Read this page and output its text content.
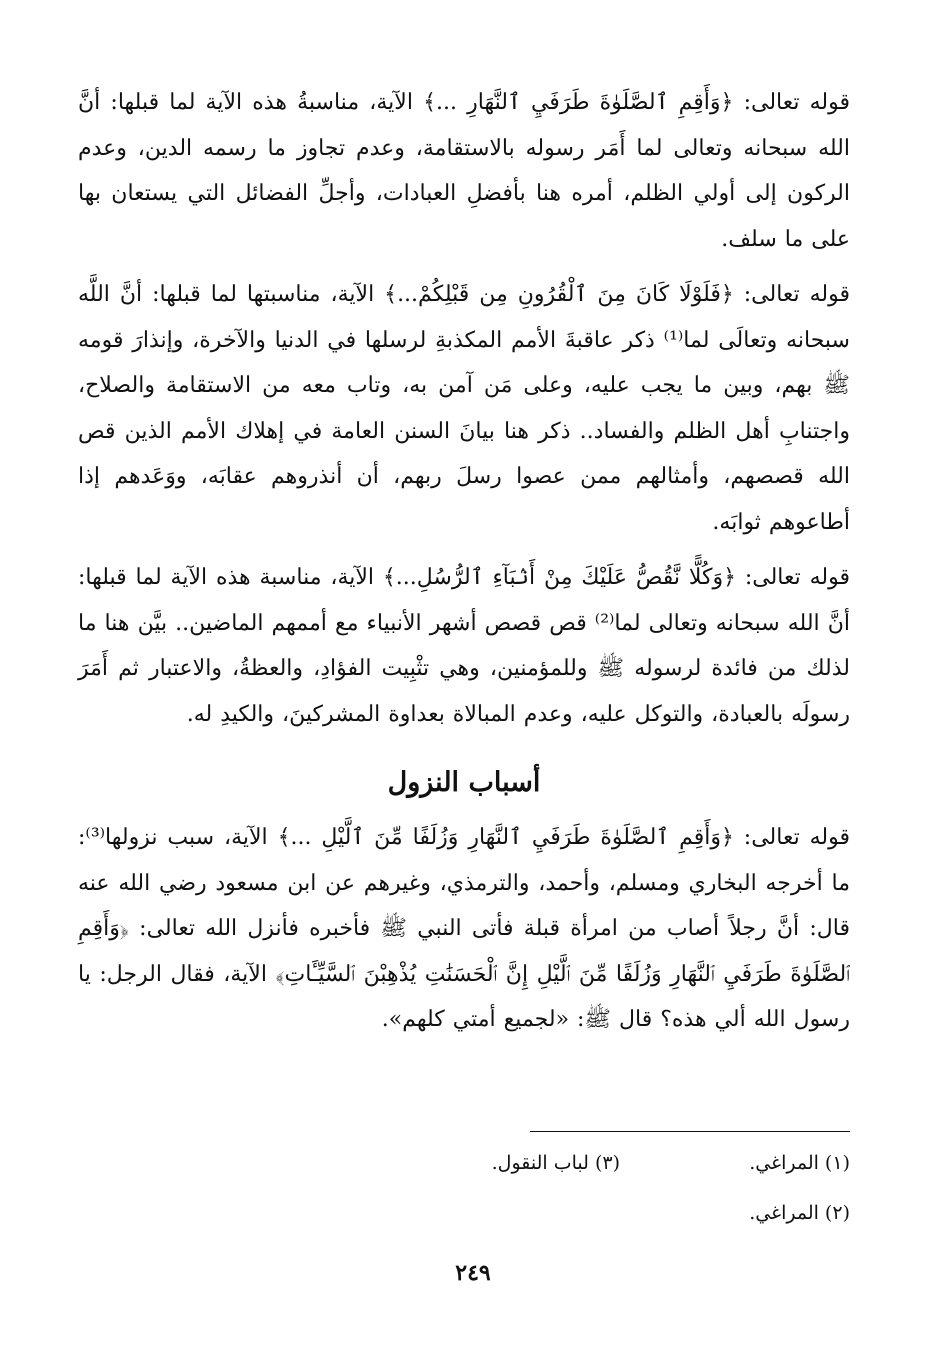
قوله تعالى: ﴿وَأَقِمِ ٱلصَّلَوٰةَ طَرَفَيِ ٱلنَّهَارِ ...﴾ الآية، مناسبةُ هذه الآية لما قبلها: أنَّ الله سبحانه وتعالى لما أَمَر رسوله بالاستقامة، وعدم تجاوز ما رسمه الدين، وعدم الركون إلى أولي الظلم، أمره هنا بأفضلِ العبادات، وأجلِّ الفضائل التي يستعان بها على ما سلف.

قوله تعالى: ﴿فَلَوْلَا كَانَ مِنَ ٱلْقُرُونِ مِن قَبْلِكُمْ...﴾ الآية، مناسبتها لما قبلها: أنَّ اللَّه سبحانه وتعالَى لما⁽¹⁾ ذكر عاقبةَ الأمم المكذبةِ لرسلها في الدنيا والآخرة، وإنذارَ قومه ﷺ بهم، وبين ما يجب عليه، وعلى مَن آمن به، وتاب معه من الاستقامة والصلاح، واجتنابِ أهل الظلم والفساد.. ذكر هنا بيانَ السنن العامة في إهلاك الأمم الذين قص الله قصصهم، وأمثالهم ممن عصوا رسلَ ربهم، أن أنذروهم عقابَه، ووَعَدهم إذا أطاعوهم ثوابَه.

قوله تعالى: ﴿وَكُلًّا نَّقُصُّ عَلَيْكَ مِنْ أَنۢبَآءِ ٱلرُّسُلِ...﴾ الآية، مناسبة هذه الآية لما قبلها: أنَّ الله سبحانه وتعالى لما⁽²⁾ قص قصص أشهر الأنبياء مع أممهم الماضين.. بيَّن هنا ما لذلك من فائدة لرسوله ﷺ وللمؤمنين، وهي تثْبِيت الفؤادِ، والعظةُ، والاعتبار ثم أَمَرَ رسولَه بالعبادة، والتوكل عليه، وعدم المبالاة بعداوة المشركينَ، والكيدِ له.

أسباب النزول

قوله تعالى: ﴿وَأَقِمِ ٱلصَّلَوٰةَ طَرَفَيِ ٱلنَّهَارِ وَزُلَفًا مِّنَ ٱلَّيْلِ ...﴾ الآية، سبب نزولها⁽³⁾: ما أخرجه البخاري ومسلم، وأحمد، والترمذي، وغيرهم عن ابن مسعود رضي الله عنه قال: أنَّ رجلاً أصاب من امرأة قبلة فأتى النبي ﷺ فأخبره فأنزل الله تعالى: ﴿وَأَقِمِ ٱلصَّلَوٰةَ طَرَفَيِ ٱلنَّهَارِ وَزُلَفًا مِّنَ ٱلَّيْلِ إِنَّ ٱلْحَسَنَٰتِ يُذْهِبْنَ ٱلسَّيِّـَٔاتِ﴾ الآية، فقال الرجل: يا رسول الله ألي هذه؟ قال ﷺ: «لجميع أمتي كلهم».

(١) المراغي.
(٣) لباب النقول.
(٢) المراغي.
٢٤٩
